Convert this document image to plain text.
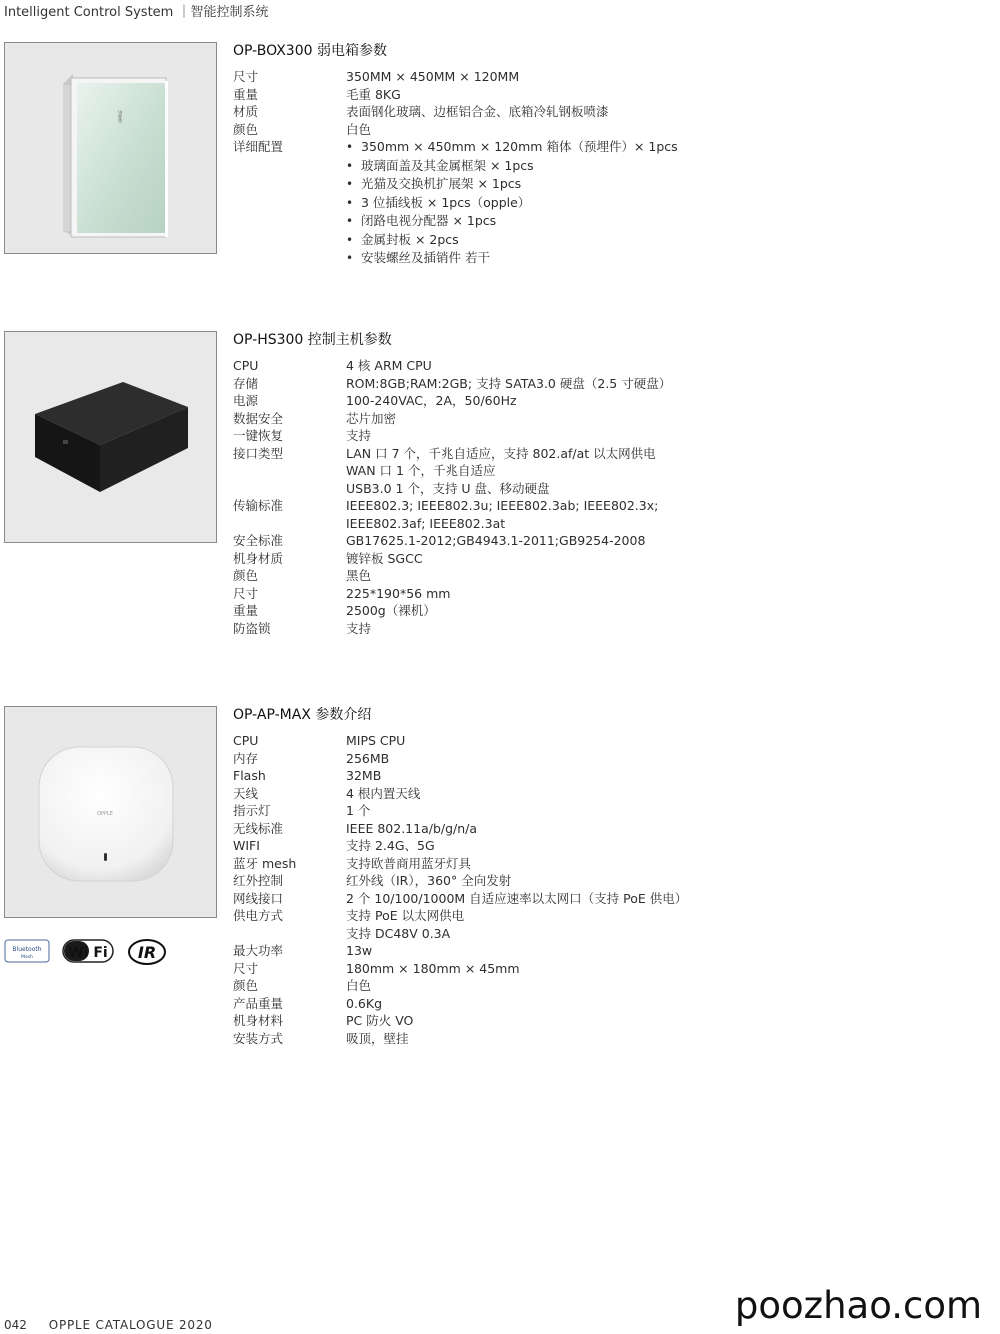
Intelligent Control System ｜智能控制系统
OPPLE
OP-BOX300 弱电箱参数
尺寸	350MM × 450MM × 120MM
重量	毛重 8KG
材质	表面钢化玻璃、边框铝合金、底箱冷轧钢板喷漆
颜色	白色
详细配置
•	350mm × 450mm × 120mm 箱体（预埋件）× 1pcs
• 玻璃面盖及其金属框架 × 1pcs
• 光猫及交换机扩展架 × 1pcs
• 3 位插线板 × 1pcs（opple）
• 闭路电视分配器 × 1pcs
• 金属封板 × 2pcs
• 安装螺丝及插销件 若干
OP-HS300 控制主机参数
CPU	4 核 ARM CPU
存储	ROM:8GB;RAM:2GB; 支持 SATA3.0 硬盘（2.5 寸硬盘）
电源	100-240VAC，2A，50/60Hz
数据安全	芯片加密
一键恢复	支持
接口类型	LAN 口 7 个，千兆自适应，支持 802.af/at 以太网供电
WAN 口 1 个，千兆自适应
USB3.0 1 个，支持 U 盘、移动硬盘
传输标准	IEEE802.3; IEEE802.3u; IEEE802.3ab; IEEE802.3x;
IEEE802.3af; IEEE802.3at
安全标准	GB17625.1-2012;GB4943.1-2011;GB9254-2008
机身材质	镀锌板 SGCC
颜色	黑色
尺寸	225*190*56 mm
重量	2500g（裸机）
防盗锁	支持
OPPLE
OP-AP-MAX 参数介绍
CPU	MIPS CPU
内存	256MB
Flash	32MB
天线	4 根内置天线
指示灯	1 个
无线标准	IEEE 802.11a/b/g/n/a
WIFI	支持 2.4G、5G
蓝牙 mesh	支持欧普商用蓝牙灯具
红外控制	红外线（IR），360° 全向发射
网线接口	2 个 10/100/1000M 自适应速率以太网口（支持 PoE 供电）
供电方式	支持 PoE 以太网供电
支持 DC48V 0.3A
最大功率	13w
尺寸	180mm × 180mm × 45mm
颜色	白色
产品重量	0.6Kg
机身材料	PC 防火 VO
安装方式	吸顶，壁挂
Bluetooth
Mesh	Wi Fi IR
042 OPPLE CATALOGUE 2020	poozhao.com
